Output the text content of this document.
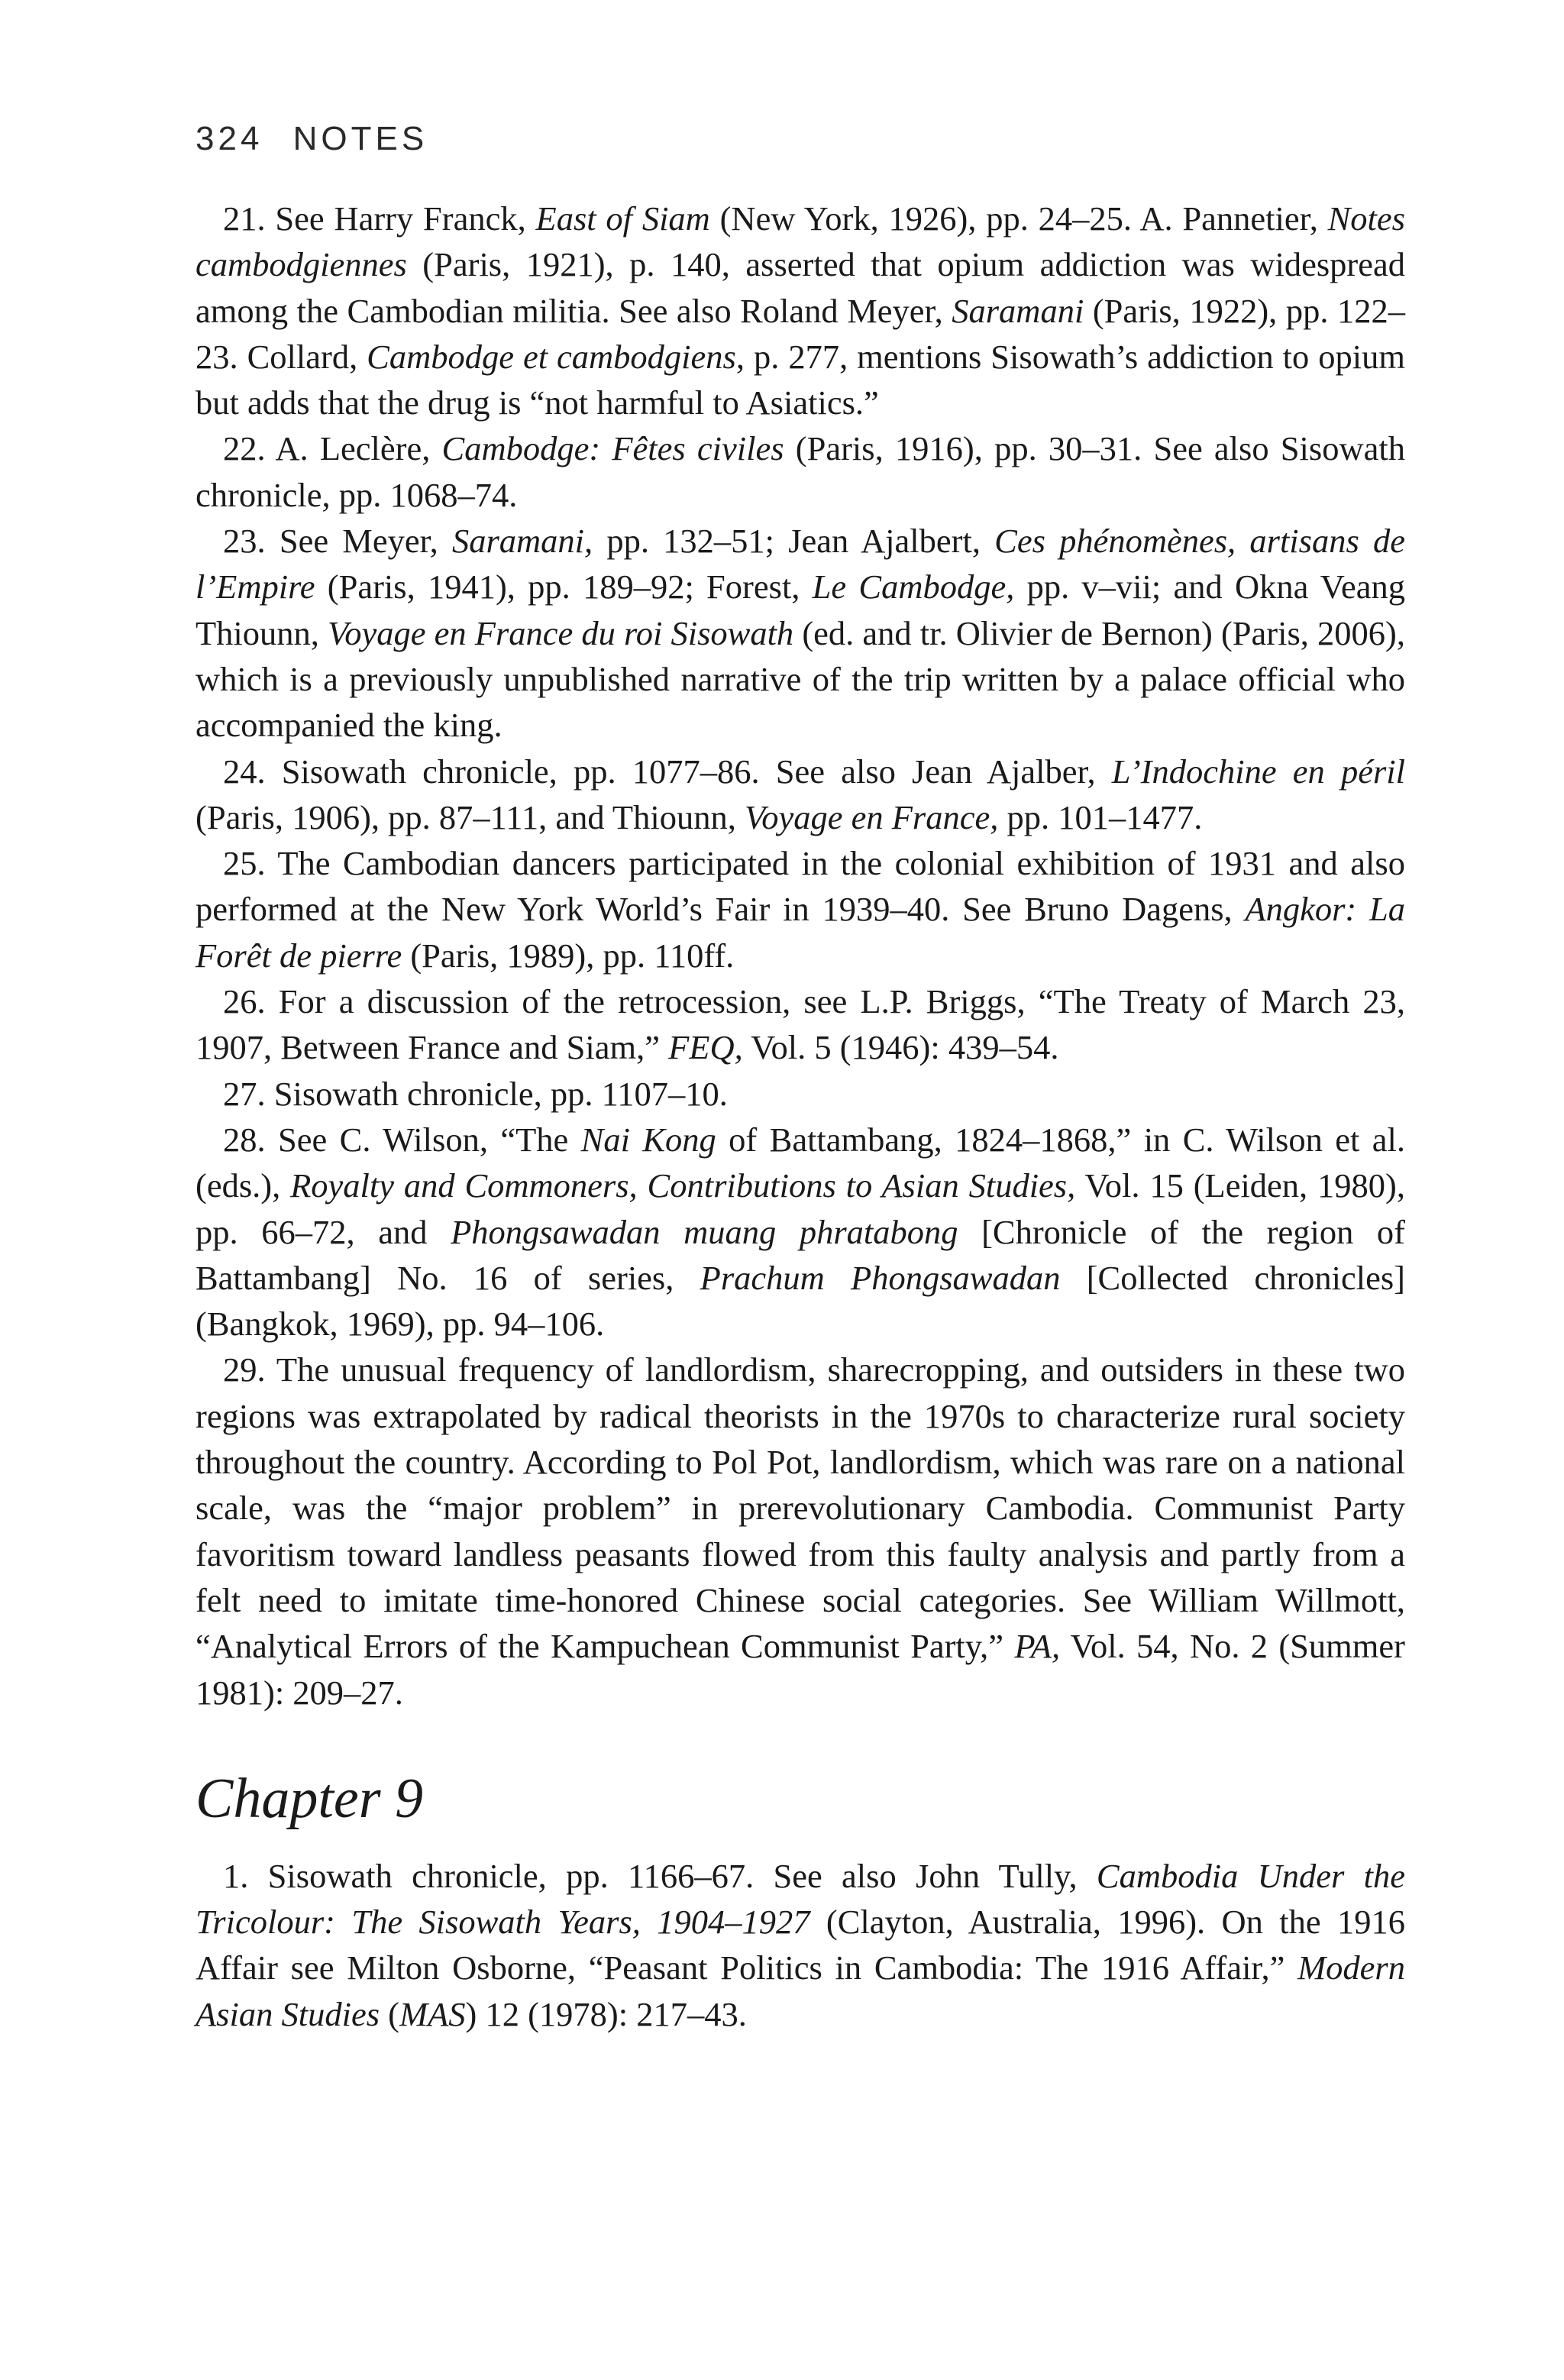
324 NOTES

21. See Harry Franck, East of Siam (New York, 1926), pp. 24–25. A. Pannetier, Notes cambodgiennes (Paris, 1921), p. 140, asserted that opium addiction was widespread among the Cambodian militia. See also Roland Meyer, Saramani (Paris, 1922), pp. 122–23. Collard, Cambodge et cambodgiens, p. 277, mentions Sisowath’s addiction to opium but adds that the drug is “not harmful to Asiatics.”

22. A. Leclère, Cambodge: Fêtes civiles (Paris, 1916), pp. 30–31. See also Sisowath chronicle, pp. 1068–74.

23. See Meyer, Saramani, pp. 132–51; Jean Ajalbert, Ces phénomènes, artisans de l’Empire (Paris, 1941), pp. 189–92; Forest, Le Cambodge, pp. v–vii; and Okna Veang Thiounn, Voyage en France du roi Sisowath (ed. and tr. Olivier de Bernon) (Paris, 2006), which is a previously unpublished narrative of the trip written by a palace official who accompanied the king.

24. Sisowath chronicle, pp. 1077–86. See also Jean Ajalber, L’Indochine en péril (Paris, 1906), pp. 87–111, and Thiounn, Voyage en France, pp. 101–1477.

25. The Cambodian dancers participated in the colonial exhibition of 1931 and also performed at the New York World’s Fair in 1939–40. See Bruno Dagens, Angkor: La Forêt de pierre (Paris, 1989), pp. 110ff.

26. For a discussion of the retrocession, see L.P. Briggs, “The Treaty of March 23, 1907, Between France and Siam,” FEQ, Vol. 5 (1946): 439–54.

27. Sisowath chronicle, pp. 1107–10.

28. See C. Wilson, “The Nai Kong of Battambang, 1824–1868,” in C. Wilson et al. (eds.), Royalty and Commoners, Contributions to Asian Studies, Vol. 15 (Leiden, 1980), pp. 66–72, and Phongsawadan muang phratabong [Chronicle of the region of Battambang] No. 16 of series, Prachum Phongsawadan [Collected chronicles] (Bangkok, 1969), pp. 94–106.

29. The unusual frequency of landlordism, sharecropping, and outsiders in these two regions was extrapolated by radical theorists in the 1970s to characterize rural society throughout the country. According to Pol Pot, landlordism, which was rare on a national scale, was the “major problem” in prerevolutionary Cambodia. Communist Party favoritism toward landless peasants flowed from this faulty analysis and partly from a felt need to imitate time-honored Chinese social categories. See William Willmott, “Analytical Errors of the Kampuchean Communist Party,” PA, Vol. 54, No. 2 (Summer 1981): 209–27.

Chapter 9

1. Sisowath chronicle, pp. 1166–67. See also John Tully, Cambodia Under the Tricolour: The Sisowath Years, 1904–1927 (Clayton, Australia, 1996). On the 1916 Affair see Milton Osborne, “Peasant Politics in Cambodia: The 1916 Affair,” Modern Asian Studies (MAS) 12 (1978): 217–43.
